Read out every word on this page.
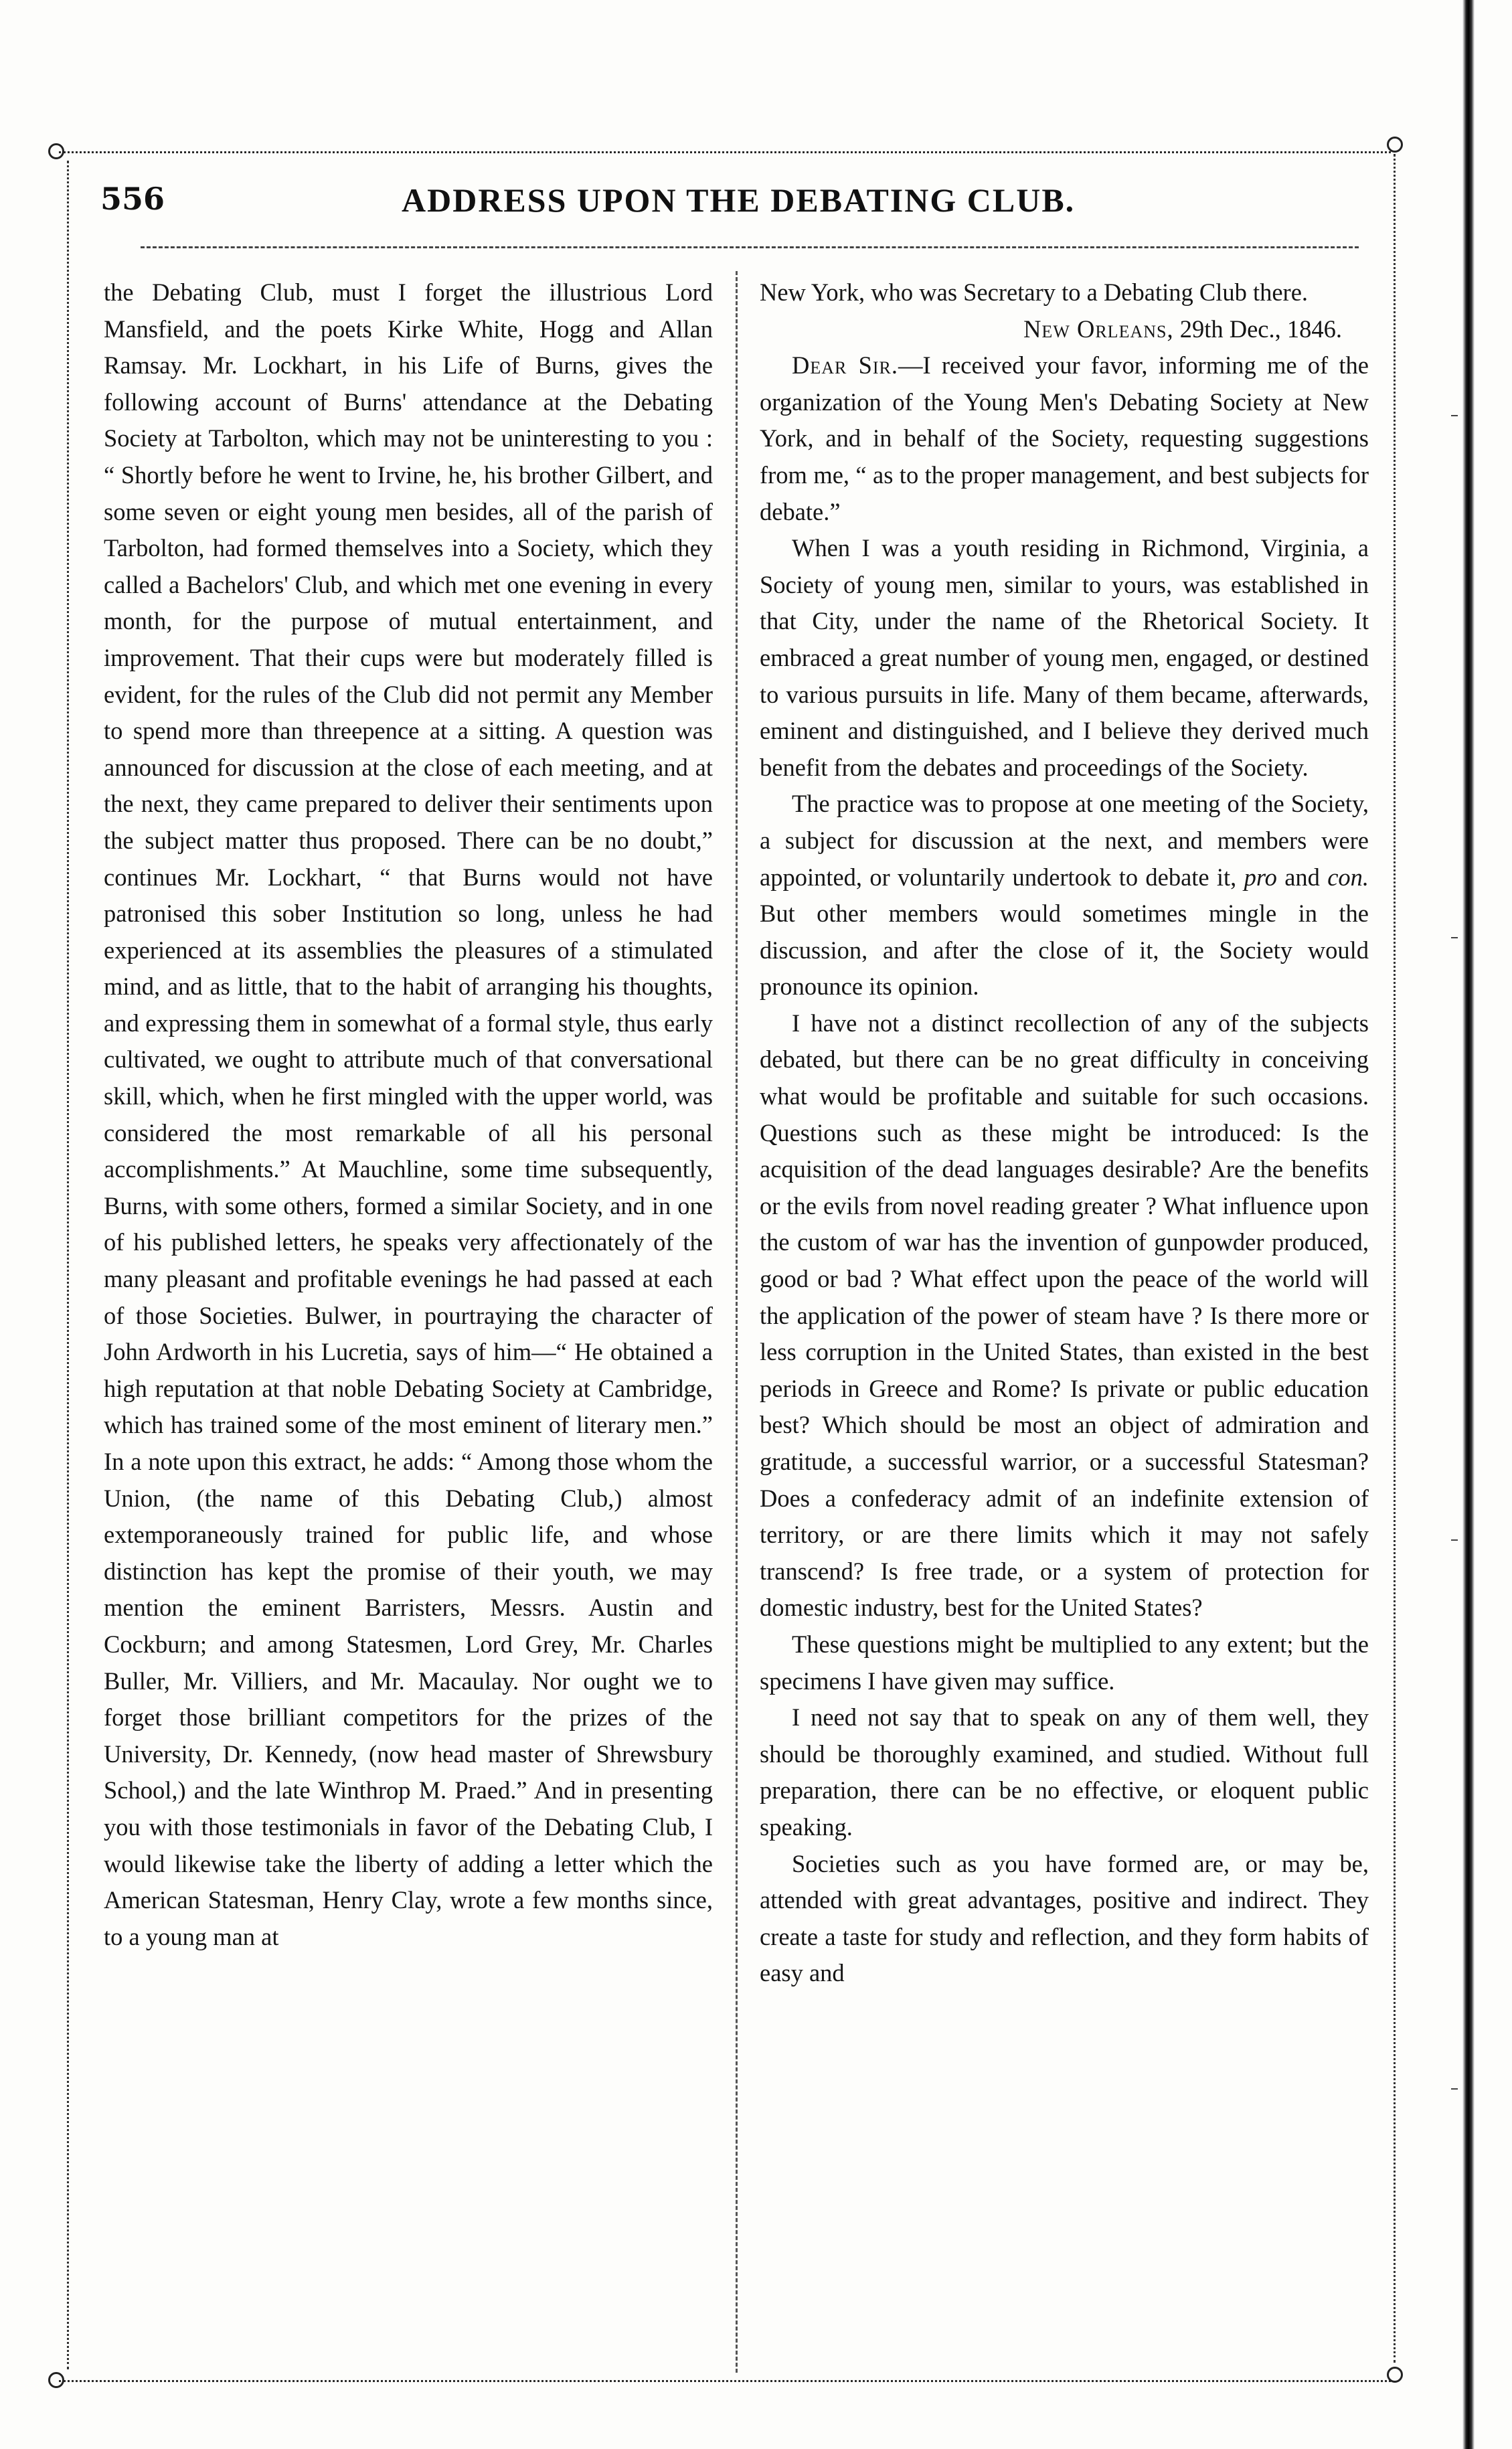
556	ADDRESS UPON THE DEBATING CLUB.

the Debating Club, must I forget the illustrious Lord Mansfield, and the poets Kirke White, Hogg and Allan Ramsay. Mr. Lockhart, in his Life of Burns, gives the following account of Burns' attendance at the Debating Society at Tarbolton, which may not be uninteresting to you : “ Shortly before he went to Irvine, he, his brother Gilbert, and some seven or eight young men besides, all of the parish of Tarbolton, had formed themselves into a Society, which they called a Bachelors' Club, and which met one evening in every month, for the purpose of mutual entertainment, and improvement. That their cups were but moderately filled is evident, for the rules of the Club did not permit any Member to spend more than threepence at a sitting. A question was announced for discussion at the close of each meeting, and at the next, they came prepared to deliver their sentiments upon the subject matter thus proposed. There can be no doubt,” continues Mr. Lockhart, “ that Burns would not have patronised this sober Institution so long, unless he had experienced at its assemblies the pleasures of a stimulated mind, and as little, that to the habit of arranging his thoughts, and expressing them in somewhat of a formal style, thus early cultivated, we ought to attribute much of that conversational skill, which, when he first mingled with the upper world, was considered the most remarkable of all his personal accomplishments.” At Mauchline, some time subsequently, Burns, with some others, formed a similar Society, and in one of his published letters, he speaks very affectionately of the many pleasant and profitable evenings he had passed at each of those Societies. Bulwer, in pourtraying the character of John Ardworth in his Lucretia, says of him—“ He obtained a high reputation at that noble Debating Society at Cambridge, which has trained some of the most eminent of literary men.” In a note upon this extract, he adds: “ Among those whom the Union, (the name of this Debating Club,) almost extemporaneously trained for public life, and whose distinction has kept the promise of their youth, we may mention the eminent Barristers, Messrs. Austin and Cockburn; and among Statesmen, Lord Grey, Mr. Charles Buller, Mr. Villiers, and Mr. Macaulay. Nor ought we to forget those brilliant competitors for the prizes of the University, Dr. Kennedy, (now head master of Shrewsbury School,) and the late Winthrop M. Praed.” And in presenting you with those testimonials in favor of the Debating Club, I would likewise take the liberty of adding a letter which the American Statesman, Henry Clay, wrote a few months since, to a young man at

New York, who was Secretary to a Debating Club there.

New Orleans, 29th Dec., 1846.

Dear Sir.—I received your favor, informing me of the organization of the Young Men's Debating Society at New York, and in behalf of the Society, requesting suggestions from me, “ as to the proper management, and best subjects for debate.”

When I was a youth residing in Richmond, Virginia, a Society of young men, similar to yours, was established in that City, under the name of the Rhetorical Society. It embraced a great number of young men, engaged, or destined to various pursuits in life. Many of them became, afterwards, eminent and distinguished, and I believe they derived much benefit from the debates and proceedings of the Society.

The practice was to propose at one meeting of the Society, a subject for discussion at the next, and members were appointed, or voluntarily undertook to debate it, pro and con. But other members would sometimes mingle in the discussion, and after the close of it, the Society would pronounce its opinion.

I have not a distinct recollection of any of the subjects debated, but there can be no great difficulty in conceiving what would be profitable and suitable for such occasions. Questions such as these might be introduced: Is the acquisition of the dead languages desirable? Are the benefits or the evils from novel reading greater ? What influence upon the custom of war has the invention of gunpowder produced, good or bad ? What effect upon the peace of the world will the application of the power of steam have ? Is there more or less corruption in the United States, than existed in the best periods in Greece and Rome? Is private or public education best? Which should be most an object of admiration and gratitude, a successful warrior, or a successful Statesman? Does a confederacy admit of an indefinite extension of territory, or are there limits which it may not safely transcend? Is free trade, or a system of protection for domestic industry, best for the United States?

These questions might be multiplied to any extent; but the specimens I have given may suffice.

I need not say that to speak on any of them well, they should be thoroughly examined, and studied. Without full preparation, there can be no effective, or eloquent public speaking.

Societies such as you have formed are, or may be, attended with great advantages, positive and indirect. They create a taste for study and reflection, and they form habits of easy and
